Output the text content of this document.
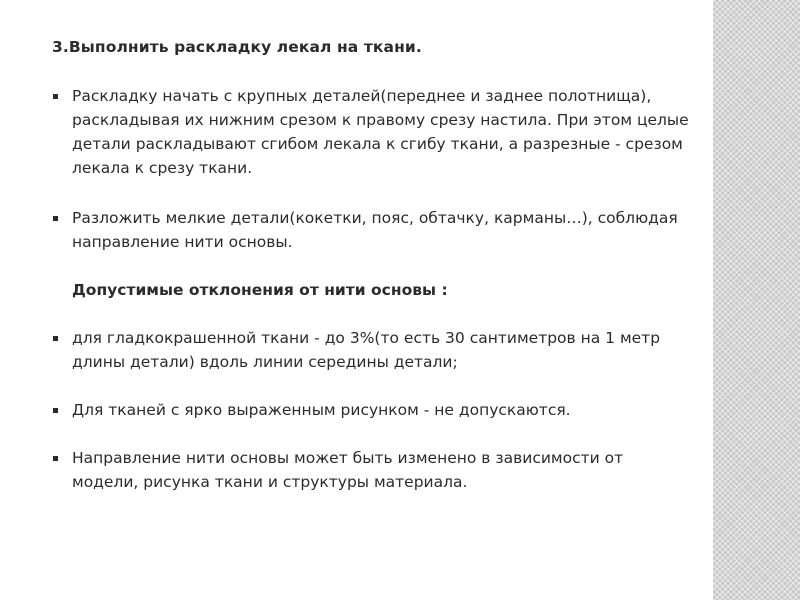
3.Выполнить раскладку лекал на ткани.
Раскладку начать с крупных деталей(переднее и заднее полотнища), раскладывая их нижним срезом к правому срезу настила. При этом целые детали раскладывают сгибом лекала к сгибу ткани, а разрезные - срезом лекала к срезу ткани.
Разложить мелкие детали(кокетки, пояс, обтачку, карманы…), соблюдая направление нити основы.
Допустимые отклонения от нити основы :
для гладкокрашенной ткани - до 3%(то есть 30 сантиметров на 1 метр длины детали) вдоль линии середины детали;
Для тканей с ярко выраженным рисунком - не допускаются.
Направление нити основы может быть изменено в зависимости от модели, рисунка ткани и структуры материала.
